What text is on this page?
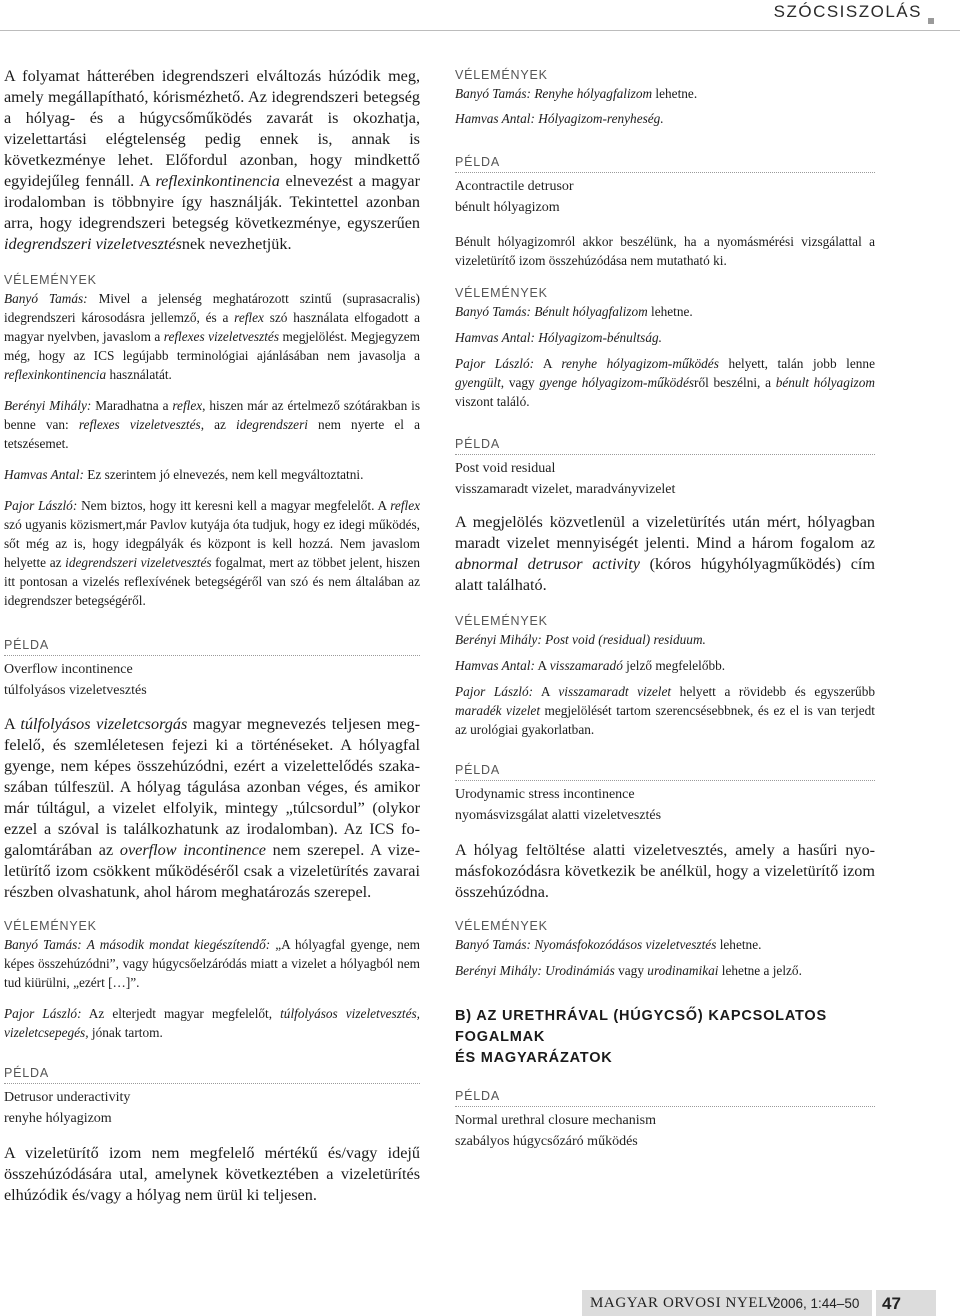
SZÓCSISZOLÁS

A folyamat hátterében idegrendszeri elváltozás húzódik meg, amely megállapítható, kórismézhető. Az idegrendszeri betegség a hólyag- és a húgycsőműködés zavarát is okozhatja, vizelettartási elégtelenség pedig ennek is, annak is következménye lehet. Előfordul azonban, hogy mindkettő egyidejűleg fennáll. A reflexinkontinencia elnevezést a magyar irodalomban is többnyire így használják. Tekintettel azonban arra, hogy idegrendszeri betegség következménye, egyszerűen idegrendszeri vizeletvesztésnek nevezhetjük.

VÉLEMÉNYEK

Banyó Tamás: Mivel a jelenség meghatározott szintű (suprasacralis) idegrendszeri károsodásra jellemző, és a reflex szó használata elfogadott a magyar nyelvben, javaslom a reflexes vizeletvesztés megjelölést. Megjegyzem még, hogy az ICS legújabb terminológiai ajánlásában nem javasolja a reflexinkontinencia használatát.

Berényi Mihály: Maradhatna a reflex, hiszen már az értelmező szótárakban is benne van: reflexes vizeletvesztés, az idegrendszeri nem nyerte el a tetszésemet.

Hamvas Antal: Ez szerintem jó elnevezés, nem kell megváltoztatni.

Pajor László: Nem biztos, hogy itt keresni kell a magyar megfelelőt. A reflex szó ugyanis közismert,már Pavlov kutyája óta tudjuk, hogy ez idegi működés, sőt még az is, hogy idegpályák és központ is kell hozzá. Nem javaslom helyette az idegrendszeri vizeletvesztés fogalmat, mert az többet jelent, hiszen itt pontosan a vizelés reflexívének betegségéről van szó és nem általában az idegrendszer betegségéről.

PÉLDA

Overflow incontinence

túlfolyásos vizeletvesztés

A túlfolyásos vizeletcsorgás magyar megnevezés teljesen megfelelő, és szemléletesen fejezi ki a történéseket. A hólyagfal gyenge, nem képes összehúzódni, ezért a vizelettelődés szakaszában túlfeszül. A hólyag tágulása azonban véges, és amikor már túltágul, a vizelet elfolyik, mintegy „túlcsordul” (olykor ezzel a szóval is találkozhatunk az irodalomban). Az ICS fogalomtárában az overflow incontinence nem szerepel. A vizeletürítő izom csökkent működéséről csak a vizeletürítés zavarai részben olvashatunk, ahol három meghatározás szerepel.

VÉLEMÉNYEK

Banyó Tamás: A második mondat kiegészítendő: „A hólyagfal gyenge, nem képes összehúzódni”, vagy húgycsőelzáródás miatt a vizelet a hólyagból nem tud kiürülni, „ezért […]”.

Pajor László: Az elterjedt magyar megfelelőt, túlfolyásos vizeletvesztés, vizeletcsepegés, jónak tartom.

PÉLDA

Detrusor underactivity

renyhe hólyagizom

A vizeletürítő izom nem megfelelő mértékű és/vagy idejű összehúzódására utal, amelynek következtében a vizeletürítés elhúzódik és/vagy a hólyag nem ürül ki teljesen.

VÉLEMÉNYEK

Banyó Tamás: Renyhe hólyagfalizom lehetne.

Hamvas Antal: Hólyagizom-renyheség.

PÉLDA

Acontractile detrusor

bénult hólyagizom

Bénult hólyagizomról akkor beszélünk, ha a nyomásmérési vizsgálattal a vizeletürítő izom összehúzódása nem mutatható ki.

VÉLEMÉNYEK

Banyó Tamás: Bénult hólyagfalizom lehetne.

Hamvas Antal: Hólyagizom-bénultság.

Pajor László: A renyhe hólyagizom-működés helyett, talán jobb lenne gyengült, vagy gyenge hólyagizom-működésről beszélni, a bénult hólyagizom viszont találó.

PÉLDA

Post void residual

visszamaradt vizelet, maradványvizelet

A megjelölés közvetlenül a vizeletürítés után mért, hólyagban maradt vizelet mennyiségét jelenti. Mind a három fogalom az abnormal detrusor activity (kóros húgyhólyagműködés) cím alatt található.

VÉLEMÉNYEK

Berényi Mihály: Post void (residual) residuum.

Hamvas Antal: A visszamaradó jelző megfelelőbb.

Pajor László: A visszamaradt vizelet helyett a rövidebb és egyszerűbb maradék vizelet megjelölését tartom szerencsésebbnek, és ez el is van terjedt az urológiai gyakorlatban.

PÉLDA

Urodynamic stress incontinence

nyomásvizsgálat alatti vizeletvesztés

A hólyag feltöltése alatti vizeletvesztés, amely a hasűri nyomásfokozódásra következik be anélkül, hogy a vizeletürítő izom összehúzódna.

VÉLEMÉNYEK

Banyó Tamás: Nyomásfokozódásos vizeletvesztés lehetne.

Berényi Mihály: Urodinámiás vagy urodinamikai lehetne a jelző.

B) AZ URETHRÁVAL (HÚGYCSŐ) KAPCSOLATOS FOGALMAK

ÉS MAGYARÁZATOK

PÉLDA

Normal urethral closure mechanism

szabályos húgycsőzáró működés

MAGYAR ORVOSI NYELV
2006, 1:44–50 47
